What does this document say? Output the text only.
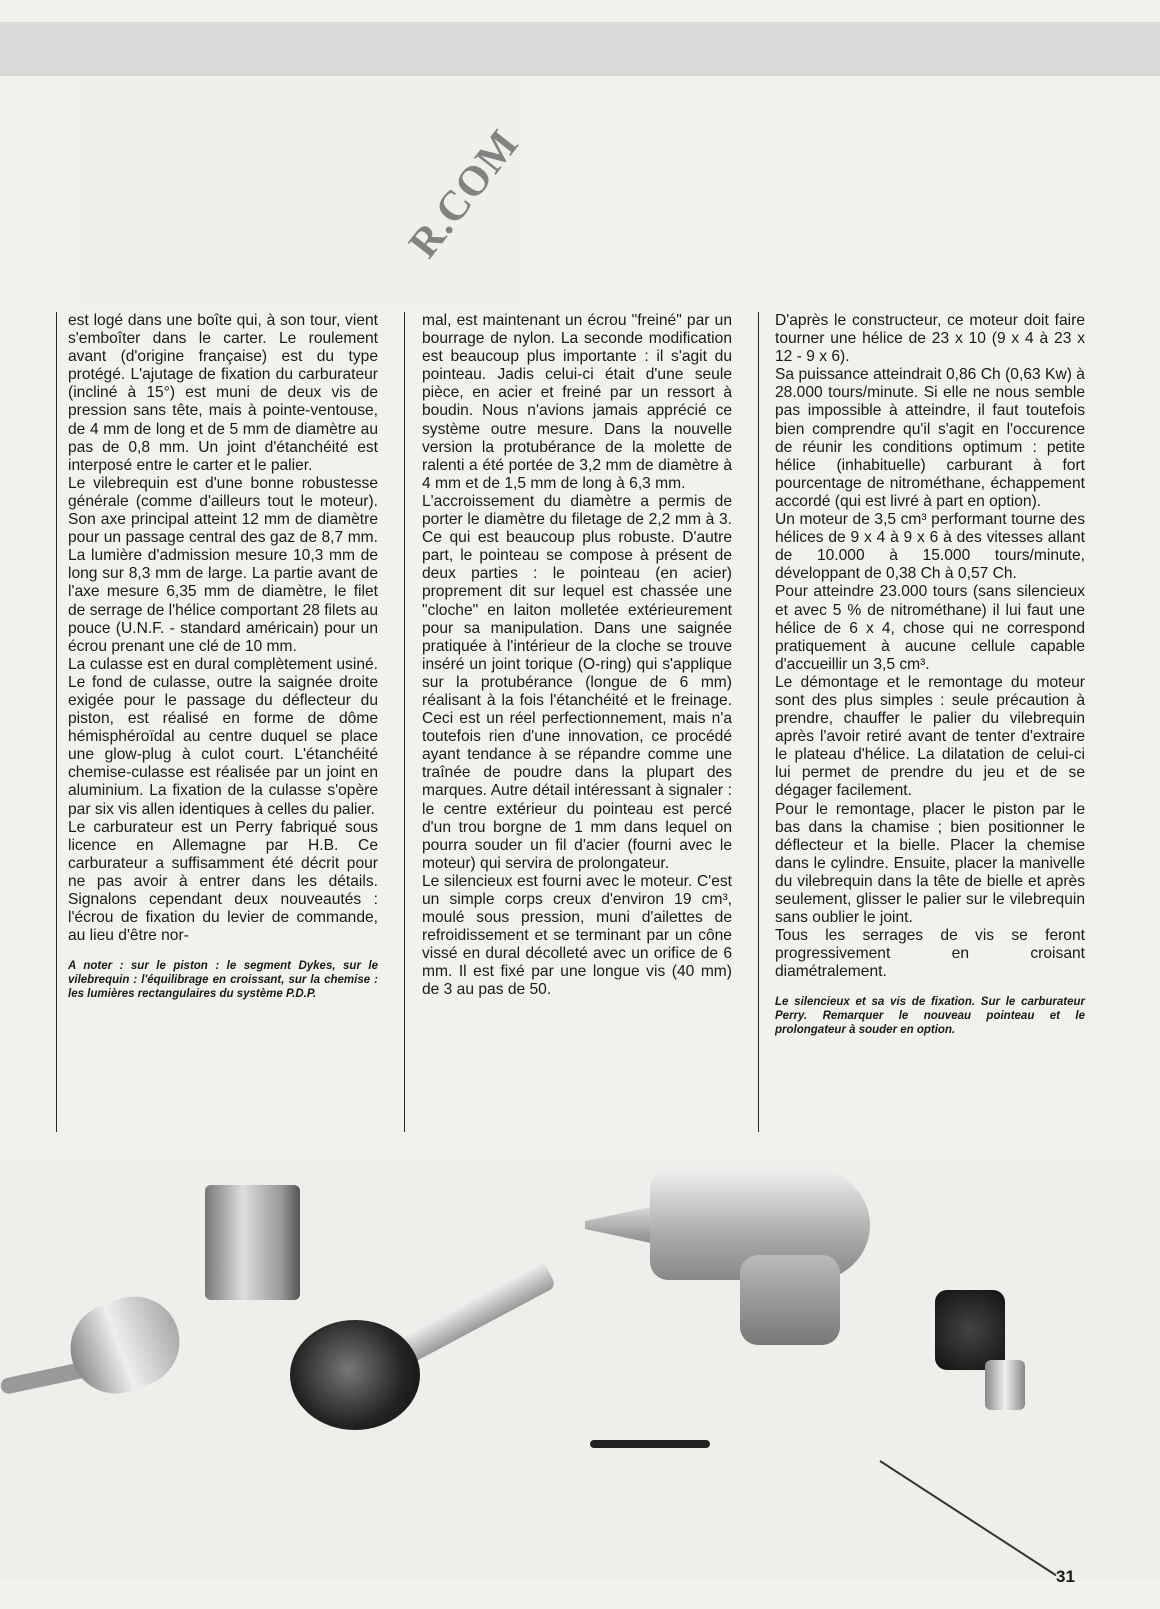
R.COM

est logé dans une boîte qui, à son tour, vient s'emboîter dans le carter. Le roulement avant (d'origine française) est du type protégé. L'ajutage de fixation du carburateur (incliné à 15°) est muni de deux vis de pression sans tête, mais à pointe-ventouse, de 4 mm de long et de 5 mm de diamètre au pas de 0,8 mm. Un joint d'étanchéité est interposé entre le carter et le palier.

Le vilebrequin est d'une bonne robustesse générale (comme d'ailleurs tout le moteur). Son axe principal atteint 12 mm de diamètre pour un passage central des gaz de 8,7 mm. La lumière d'admission mesure 10,3 mm de long sur 8,3 mm de large. La partie avant de l'axe mesure 6,35 mm de diamètre, le filet de serrage de l'hélice comportant 28 filets au pouce (U.N.F. - standard américain) pour un écrou prenant une clé de 10 mm.

La culasse est en dural complètement usiné. Le fond de culasse, outre la saignée droite exigée pour le passage du déflecteur du piston, est réalisé en forme de dôme hémisphéroïdal au centre duquel se place une glow-plug à culot court. L'étanchéité chemise-culasse est réalisée par un joint en aluminium. La fixation de la culasse s'opère par six vis allen identiques à celles du palier.

Le carburateur est un Perry fabriqué sous licence en Allemagne par H.B. Ce carburateur a suffisamment été décrit pour ne pas avoir à entrer dans les détails. Signalons cependant deux nouveautés : l'écrou de fixation du levier de commande, au lieu d'être nor-

A noter : sur le piston : le segment Dykes, sur le vilebrequin : l'équilibrage en croissant, sur la chemise : les lumières rectangulaires du système P.D.P.

mal, est maintenant un écrou "freiné" par un bourrage de nylon. La seconde modification est beaucoup plus importante : il s'agit du pointeau. Jadis celui-ci était d'une seule pièce, en acier et freiné par un ressort à boudin. Nous n'avions jamais apprécié ce système outre mesure. Dans la nouvelle version la protubérance de la molette de ralenti a été portée de 3,2 mm de diamètre à 4 mm et de 1,5 mm de long à 6,3 mm.

L'accroissement du diamètre a permis de porter le diamètre du filetage de 2,2 mm à 3. Ce qui est beaucoup plus robuste. D'autre part, le pointeau se compose à présent de deux parties : le pointeau (en acier) proprement dit sur lequel est chassée une "cloche" en laiton molletée extérieurement pour sa manipulation. Dans une saignée pratiquée à l'intérieur de la cloche se trouve inséré un joint torique (O-ring) qui s'applique sur la protubérance (longue de 6 mm) réalisant à la fois l'étanchéité et le freinage. Ceci est un réel perfectionnement, mais n'a toutefois rien d'une innovation, ce procédé ayant tendance à se répandre comme une traînée de poudre dans la plupart des marques. Autre détail intéressant à signaler : le centre extérieur du pointeau est percé d'un trou borgne de 1 mm dans lequel on pourra souder un fil d'acier (fourni avec le moteur) qui servira de prolongateur.

Le silencieux est fourni avec le moteur. C'est un simple corps creux d'environ 19 cm³, moulé sous pression, muni d'ailettes de refroidissement et se terminant par un cône vissé en dural décolleté avec un orifice de 6 mm. Il est fixé par une longue vis (40 mm) de 3 au pas de 50.

D'après le constructeur, ce moteur doit faire tourner une hélice de 23 x 10 (9 x 4 à 23 x 12 - 9 x 6).

Sa puissance atteindrait 0,86 Ch (0,63 Kw) à 28.000 tours/minute. Si elle ne nous semble pas impossible à atteindre, il faut toutefois bien comprendre qu'il s'agit en l'occurence de réunir les conditions optimum : petite hélice (inhabituelle) carburant à fort pourcentage de nitrométhane, échappement accordé (qui est livré à part en option).

Un moteur de 3,5 cm³ performant tourne des hélices de 9 x 4 à 9 x 6 à des vitesses allant de 10.000 à 15.000 tours/minute, développant de 0,38 Ch à 0,57 Ch.

Pour atteindre 23.000 tours (sans silencieux et avec 5 % de nitrométhane) il lui faut une hélice de 6 x 4, chose qui ne correspond pratiquement à aucune cellule capable d'accueillir un 3,5 cm³.

Le démontage et le remontage du moteur sont des plus simples : seule précaution à prendre, chauffer le palier du vilebrequin après l'avoir retiré avant de tenter d'extraire le plateau d'hélice. La dilatation de celui-ci lui permet de prendre du jeu et de se dégager facilement.

Pour le remontage, placer le piston par le bas dans la chamise ; bien positionner le déflecteur et la bielle. Placer la chemise dans le cylindre. Ensuite, placer la manivelle du vilebrequin dans la tête de bielle et après seulement, glisser le palier sur le vilebrequin sans oublier le joint.

Tous les serrages de vis se feront progressivement en croisant diamétralement.

Le silencieux et sa vis de fixation. Sur le carburateur Perry. Remarquer le nouveau pointeau et le prolongateur à souder en option.
31
